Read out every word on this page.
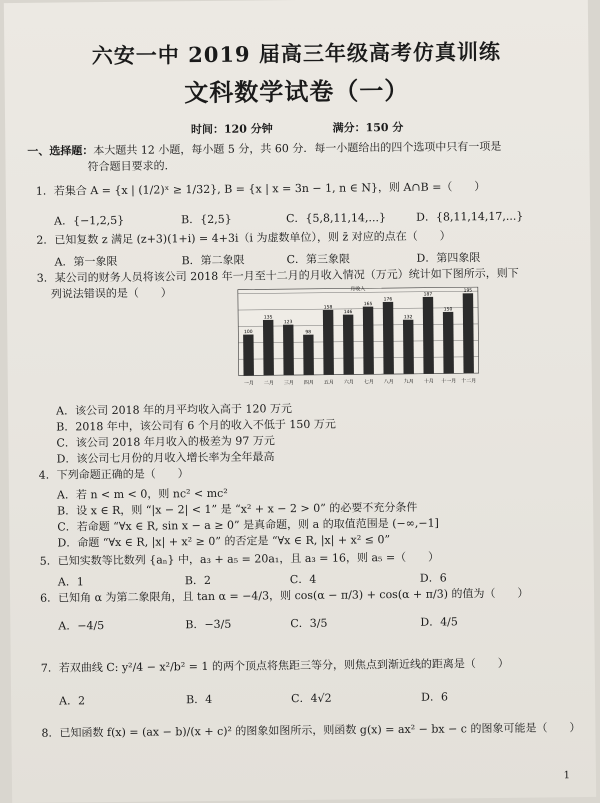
六安一中 2019 届高三年级高考仿真训练
文科数学试卷（一）
时间：120 分钟	满分：150 分
一、选择题：本大题共 12 小题，每小题 5 分，共 60 分．每一小题给出的四个选项中只有一项是
符合题目要求的．
1．若集合 A = {x | (1/2)ˣ ≥ 1/32}, B = {x | x = 3n − 1, n ∈ N}，则 A∩B =（　　）
A．{−1,2,5}	B．{2,5}	C．{5,8,11,14,...}	D．{8,11,14,17,...}
2．已知复数 z 满足 (z+3)(1+i) = 4+3i（i 为虚数单位），则 z̄ 对应的点在（　　）
A．第一象限	B．第二象限	C．第三象限	D．第四象限
3．某公司的财务人员将该公司 2018 年一月至十二月的月收入情况（万元）统计如下图所示，则下
列说法错误的是（　　）	月收入
100
一月
135
二月
123
三月
98
四月
158
五月
146
六月
165
七月
176
八月
132
九月
187
十月
150
十一月
195
十二月
A．该公司 2018 年的月平均收入高于 120 万元
B．2018 年中，该公司有 6 个月的收入不低于 150 万元
C．该公司 2018 年月收入的极差为 97 万元
D．该公司七月份的月收入增长率为全年最高
4．下列命题正确的是（　　）
A．若 n < m < 0，则 nc² < mc²
B．设 x ∈ R，则 “|x − 2| < 1” 是 “x² + x − 2 > 0” 的必要不充分条件
C．若命题 “∀x ∈ R, sin x − a ≥ 0” 是真命题，则 a 的取值范围是 (−∞,−1]
D．命题 “∀x ∈ R, |x| + x² ≥ 0” 的否定是 “∀x ∈ R, |x| + x² ≤ 0”
5．已知实数等比数列 {aₙ} 中，a₃ + a₅ = 20a₁，且 a₃ = 16，则 a₅ =（　　）
A．1	B．2	C．4	D．6
6．已知角 α 为第二象限角，且 tan α = −4/3，则 cos(α − π/3) + cos(α + π/3) 的值为（　　）
A．−4/5	B．−3/5	C．3/5	D．4/5
7．若双曲线 C: y²/4 − x²/b² = 1 的两个顶点将焦距三等分，则焦点到渐近线的距离是（　　）
A．2	B．4	C．4√2	D．6
8．已知函数 f(x) = (ax − b)/(x + c)² 的图象如图所示，则函数 g(x) = ax² − bx − c 的图象可能是（　　）
1
